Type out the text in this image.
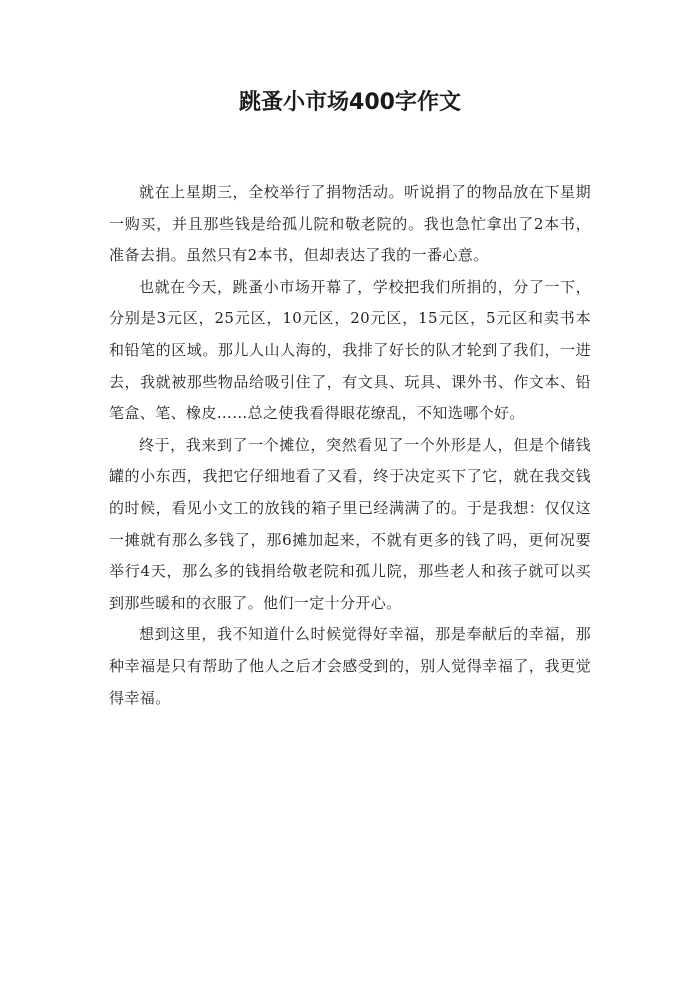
跳蚤小市场400字作文

就在上星期三，全校举行了捐物活动。听说捐了的物品放在下星期一购买，并且那些钱是给孤儿院和敬老院的。我也急忙拿出了2本书，准备去捐。虽然只有2本书，但却表达了我的一番心意。

也就在今天，跳蚤小市场开幕了，学校把我们所捐的，分了一下，分别是3元区，25元区，10元区，20元区，15元区，5元区和卖书本和铅笔的区域。那儿人山人海的，我排了好长的队才轮到了我们，一进去，我就被那些物品给吸引住了，有文具、玩具、课外书、作文本、铅笔盒、笔、橡皮……总之使我看得眼花缭乱，不知选哪个好。

终于，我来到了一个摊位，突然看见了一个外形是人，但是个储钱罐的小东西，我把它仔细地看了又看，终于决定买下了它，就在我交钱的时候，看见小文工的放钱的箱子里已经满满了的。于是我想：仅仅这一摊就有那么多钱了，那6摊加起来，不就有更多的钱了吗，更何况要举行4天，那么多的钱捐给敬老院和孤儿院，那些老人和孩子就可以买到那些暖和的衣服了。他们一定十分开心。

想到这里，我不知道什么时候觉得好幸福，那是奉献后的幸福，那种幸福是只有帮助了他人之后才会感受到的，别人觉得幸福了，我更觉得幸福。
